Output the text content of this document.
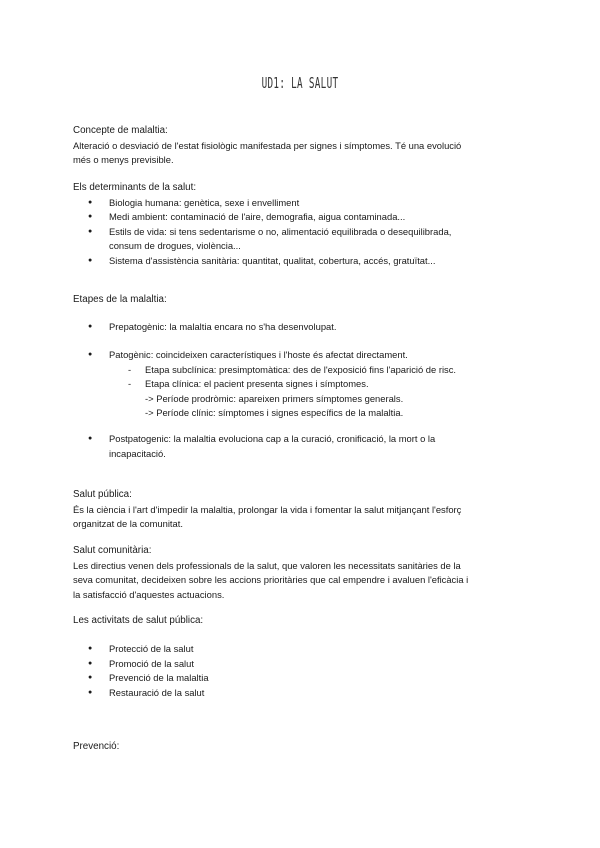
UD1: LA SALUT
Concepte de malaltia:
Alteració o desviació de l'estat fisiològic manifestada per signes i símptomes. Té una evolució
més o menys previsible.
Els determinants de la salut:
● Biologia humana: genètica, sexe i envelliment
● Medi ambient: contaminació de l'aire, demografia, aigua contaminada...
● Estils de vida: si tens sedentarisme o no, alimentació equilibrada o desequilibrada,
consum de drogues, violència...
● Sistema d'assistència sanitària: quantitat, qualitat, cobertura, accés, gratuïtat...
Etapes de la malaltia:
● Prepatogènic: la malaltia encara no s'ha desenvolupat.
● Patogènic: coincideixen característiques i l'hoste és afectat directament.
- Etapa subclínica: presimptomàtica: des de l'exposició fins l'aparició de risc.
- Etapa clínica: el pacient presenta signes i símptomes.
-> Període prodròmic: apareixen primers símptomes generals.
-> Període clínic: símptomes i signes específics de la malaltia.
● Postpatogenic: la malaltia evoluciona cap a la curació, cronificació, la mort o la
incapacitació.
Salut pública:
És la ciència i l'art d'impedir la malaltia, prolongar la vida i fomentar la salut mitjançant l'esforç
organitzat de la comunitat.
Salut comunitària:
Les directius venen dels professionals de la salut, que valoren les necessitats sanitàries de la
seva comunitat, decideixen sobre les accions prioritàries que cal empendre i avaluen l'eficàcia i
la satisfacció d'aquestes actuacions.
Les activitats de salut pública:
● Protecció de la salut
● Promoció de la salut
● Prevenció de la malaltia
● Restauració de la salut
Prevenció:
